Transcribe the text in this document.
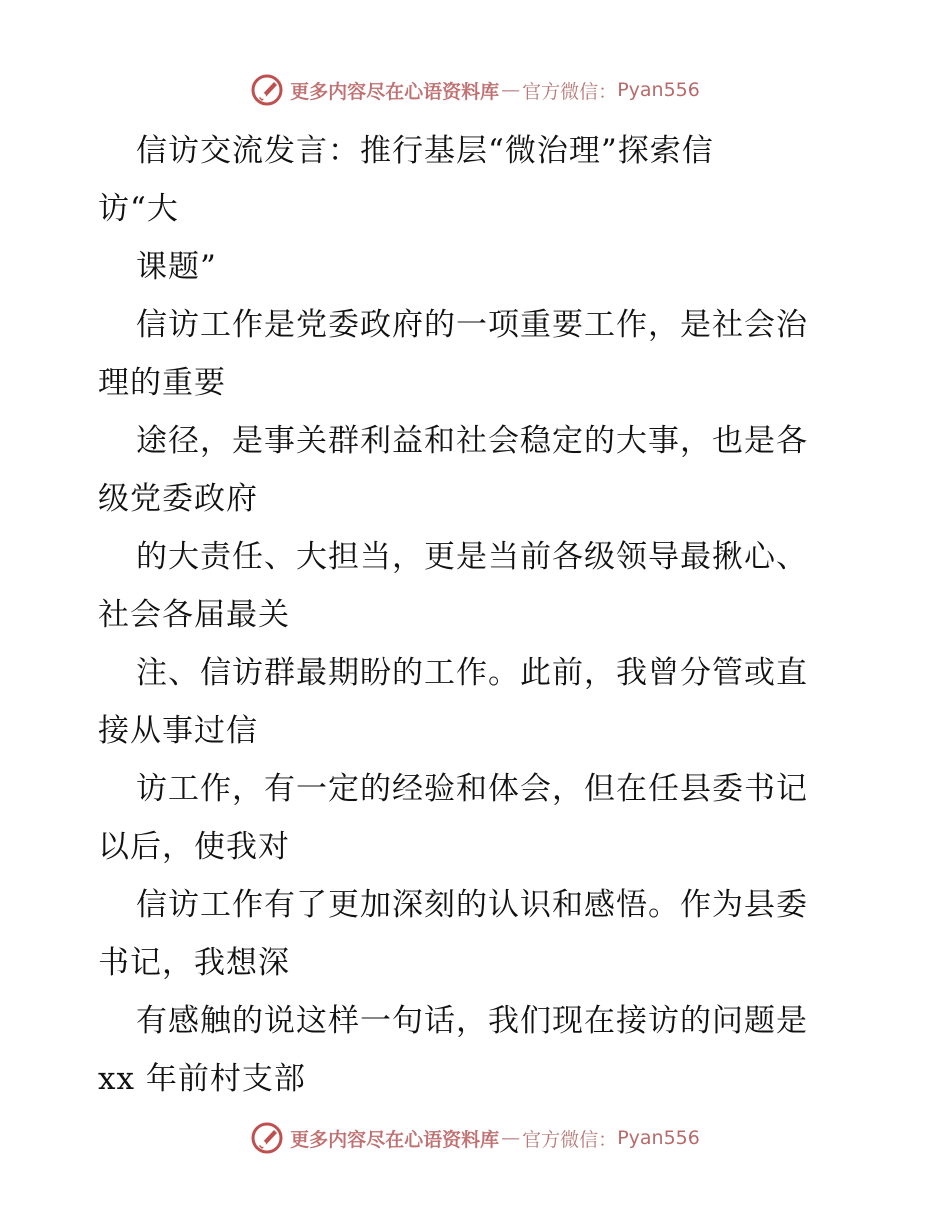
更多内容尽在心语资料库 — 官方微信： Pyan556
信访交流发言：推行基层“微治理”探索信
访“大
课题”
信访工作是党委政府的一项重要工作，是社会治
理的重要
途径，是事关群利益和社会稳定的大事，也是各
级党委政府
的大责任、大担当，更是当前各级领导最揪心、
社会各届最关
注、信访群最期盼的工作。此前，我曾分管或直
接从事过信
访工作，有一定的经验和体会，但在任县委书记
以后，使我对
信访工作有了更加深刻的认识和感悟。作为县委
书记，我想深
有感触的说这样一句话，我们现在接访的问题是
xx 年前村支部
更多内容尽在心语资料库 — 官方微信： Pyan556
